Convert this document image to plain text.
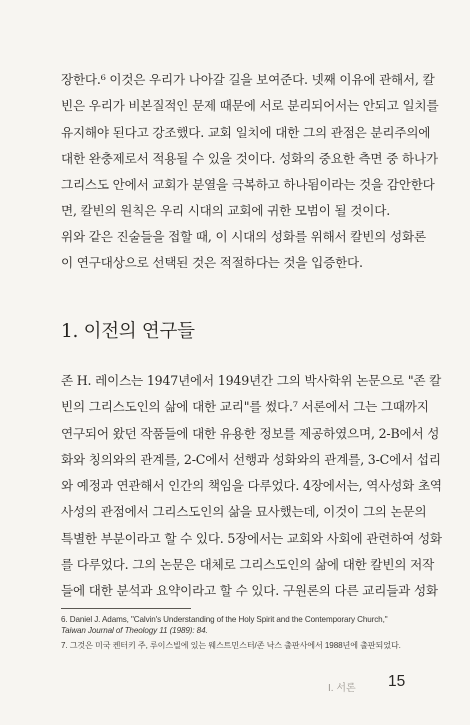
장한다.⁶ 이것은 우리가 나아갈 길을 보여준다. 넷째 이유에 관해서, 칼
빈은 우리가 비본질적인 문제 때문에 서로 분리되어서는 안되고 일치를
유지해야 된다고 강조했다. 교회 일치에 대한 그의 관점은 분리주의에
대한 완충제로서 적용될 수 있을 것이다. 성화의 중요한 측면 중 하나가
그리스도 안에서 교회가 분열을 극복하고 하나됨이라는 것을 감안한다
면, 칼빈의 원칙은 우리 시대의 교회에 귀한 모범이 될 것이다.
위와 같은 진술들을 접할 때, 이 시대의 성화를 위해서 칼빈의 성화론
이 연구대상으로 선택된 것은 적절하다는 것을 입증한다.
1. 이전의 연구들
존 H. 레이스는 1947년에서 1949년간 그의 박사학위 논문으로 "존 칼
빈의 그리스도인의 삶에 대한 교리"를 썼다.⁷ 서론에서 그는 그때까지
연구되어 왔던 작품들에 대한 유용한 정보를 제공하였으며, 2-B에서 성
화와 칭의와의 관계를, 2-C에서 선행과 성화와의 관계를, 3-C에서 섭리
와 예정과 연관해서 인간의 책임을 다루었다. 4장에서는, 역사성화 초역
사성의 관점에서 그리스도인의 삶을 묘사했는데, 이것이 그의 논문의
특별한 부분이라고 할 수 있다. 5장에서는 교회와 사회에 관련하여 성화
를 다루었다. 그의 논문은 대체로 그리스도인의 삶에 대한 칼빈의 저작
들에 대한 분석과 요약이라고 할 수 있다. 구원론의 다른 교리들과 성화
6. Daniel J. Adams, "Calvin's Understanding of the Holy Spirit and the Contemporary Church,"
Taiwan Journal of Theology 11 (1989): 84.
7. 그것은 미국 켄터키 주, 루이스빌에 있는 웨스트민스터/존 낙스 출판사에서 1988년에 출판되었다.
I. 서론 15
